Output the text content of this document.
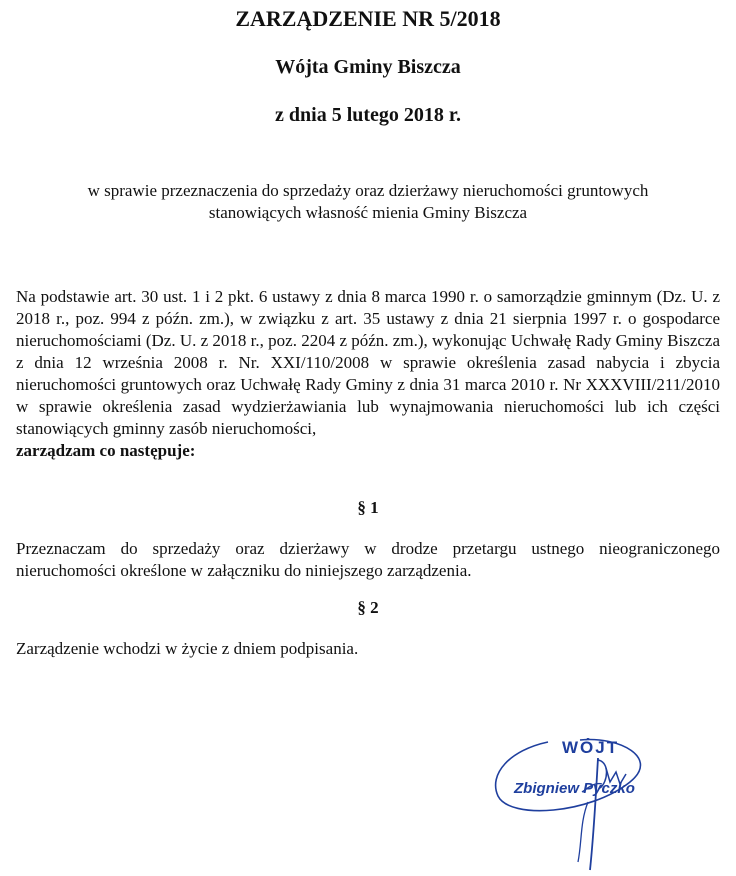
ZARZĄDZENIE NR 5/2018
Wójta Gminy Biszcza
z dnia 5 lutego 2018 r.
w sprawie przeznaczenia do sprzedaży oraz dzierżawy nieruchomości gruntowych
stanowiących własność mienia Gminy Biszcza
Na podstawie art. 30 ust. 1 i 2 pkt. 6 ustawy z dnia 8 marca 1990 r. o samorządzie gminnym (Dz. U. z 2018 r., poz. 994 z późn. zm.), w związku z art. 35 ustawy z dnia 21 sierpnia 1997 r. o gospodarce nieruchomościami (Dz. U. z 2018 r., poz. 2204 z późn. zm.), wykonując Uchwałę Rady Gminy Biszcza z dnia 12 września 2008 r. Nr. XXI/110/2008 w sprawie określenia zasad nabycia i zbycia nieruchomości gruntowych oraz Uchwałę Rady Gminy z dnia 31 marca 2010 r. Nr XXXVIII/211/2010 w sprawie określenia zasad wydzierżawiania lub wynajmowania nieruchomości lub ich części stanowiących gminny zasób nieruchomości,
zarządzam co następuje:
§ 1
Przeznaczam do sprzedaży oraz dzierżawy w drodze przetargu ustnego nieograniczonego nieruchomości określone w załączniku do niniejszego zarządzenia.
§ 2
Zarządzenie wchodzi w życie z dniem podpisania.
WÓJT
Zbigniew Pyczko
